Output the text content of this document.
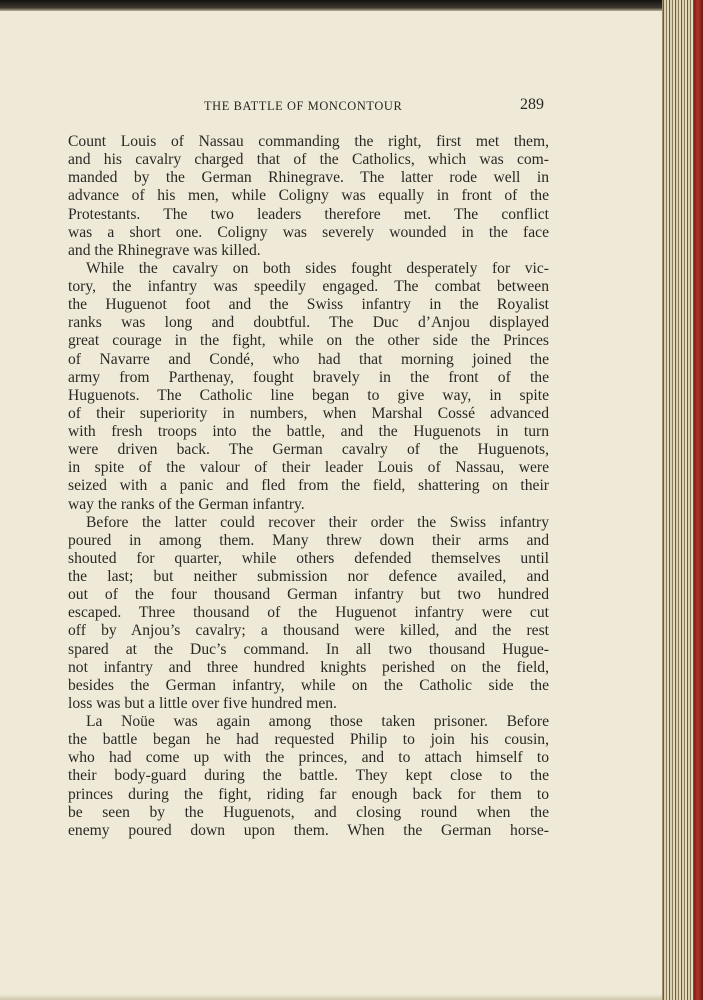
THE BATTLE OF MONCONTOUR	289
Count Louis of Nassau commanding the right, first met them,
and his cavalry charged that of the Catholics, which was com-
manded by the German Rhinegrave. The latter rode well in
advance of his men, while Coligny was equally in front of the
Protestants. The two leaders therefore met. The conflict
was a short one. Coligny was severely wounded in the face
and the Rhinegrave was killed.
While the cavalry on both sides fought desperately for vic-
tory, the infantry was speedily engaged. The combat between
the Huguenot foot and the Swiss infantry in the Royalist
ranks was long and doubtful. The Duc d’Anjou displayed
great courage in the fight, while on the other side the Princes
of Navarre and Condé, who had that morning joined the
army from Parthenay, fought bravely in the front of the
Huguenots. The Catholic line began to give way, in spite
of their superiority in numbers, when Marshal Cossé advanced
with fresh troops into the battle, and the Huguenots in turn
were driven back. The German cavalry of the Huguenots,
in spite of the valour of their leader Louis of Nassau, were
seized with a panic and fled from the field, shattering on their
way the ranks of the German infantry.
Before the latter could recover their order the Swiss infantry
poured in among them. Many threw down their arms and
shouted for quarter, while others defended themselves until
the last; but neither submission nor defence availed, and
out of the four thousand German infantry but two hundred
escaped. Three thousand of the Huguenot infantry were cut
off by Anjou’s cavalry; a thousand were killed, and the rest
spared at the Duc’s command. In all two thousand Hugue-
not infantry and three hundred knights perished on the field,
besides the German infantry, while on the Catholic side the
loss was but a little over five hundred men.
La Noüe was again among those taken prisoner. Before
the battle began he had requested Philip to join his cousin,
who had come up with the princes, and to attach himself to
their body-guard during the battle. They kept close to the
princes during the fight, riding far enough back for them to
be seen by the Huguenots, and closing round when the
enemy poured down upon them. When the German horse-
